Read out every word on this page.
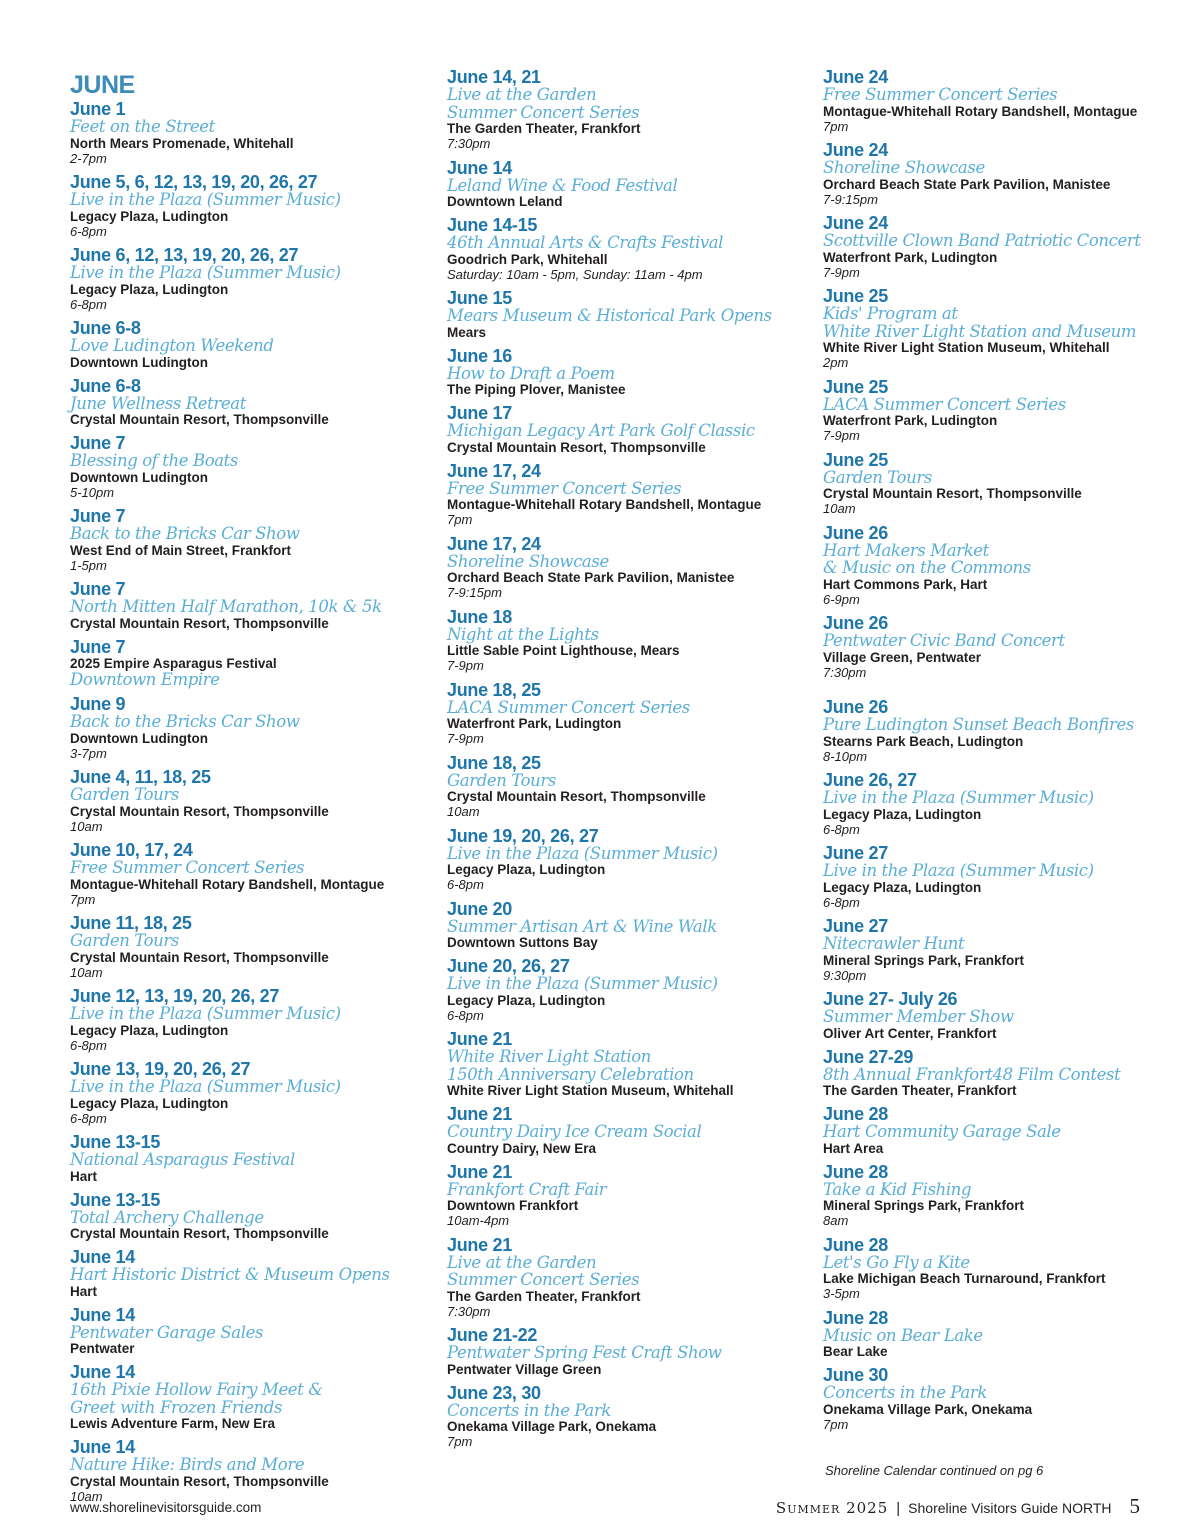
JUNE
June 1
Feet on the Street
North Mears Promenade, Whitehall
2-7pm
June 5, 6, 12, 13, 19, 20, 26, 27
Live in the Plaza (Summer Music)
Legacy Plaza, Ludington
6-8pm
June 6, 12, 13, 19, 20, 26, 27
Live in the Plaza (Summer Music)
Legacy Plaza, Ludington
6-8pm
June 6-8
Love Ludington Weekend
Downtown Ludington
June 6-8
June Wellness Retreat
Crystal Mountain Resort, Thompsonville
June 7
Blessing of the Boats
Downtown Ludington
5-10pm
June 7
Back to the Bricks Car Show
West End of Main Street, Frankfort
1-5pm
June 7
North Mitten Half Marathon, 10k & 5k
Crystal Mountain Resort, Thompsonville
June 7
2025 Empire Asparagus Festival
Downtown Empire
June 9
Back to the Bricks Car Show
Downtown Ludington
3-7pm
June 4, 11, 18, 25
Garden Tours
Crystal Mountain Resort, Thompsonville
10am
June 10, 17, 24
Free Summer Concert Series
Montague-Whitehall Rotary Bandshell, Montague
7pm
June 11, 18, 25
Garden Tours
Crystal Mountain Resort, Thompsonville
10am
June 12, 13, 19, 20, 26, 27
Live in the Plaza (Summer Music)
Legacy Plaza, Ludington
6-8pm
June 13, 19, 20, 26, 27
Live in the Plaza (Summer Music)
Legacy Plaza, Ludington
6-8pm
June 13-15
National Asparagus Festival
Hart
June 13-15
Total Archery Challenge
Crystal Mountain Resort, Thompsonville
June 14
Hart Historic District & Museum Opens
Hart
June 14
Pentwater Garage Sales
Pentwater
June 14
16th Pixie Hollow Fairy Meet &
Greet with Frozen Friends
Lewis Adventure Farm, New Era
June 14
Nature Hike: Birds and More
Crystal Mountain Resort, Thompsonville
10am
June 14, 21
Live at the Garden
Summer Concert Series
The Garden Theater, Frankfort
7:30pm
June 14
Leland Wine & Food Festival
Downtown Leland
June 14-15
46th Annual Arts & Crafts Festival
Goodrich Park, Whitehall
Saturday: 10am - 5pm, Sunday: 11am - 4pm
June 15
Mears Museum & Historical Park Opens
Mears
June 16
How to Draft a Poem
The Piping Plover, Manistee
June 17
Michigan Legacy Art Park Golf Classic
Crystal Mountain Resort, Thompsonville
June 17, 24
Free Summer Concert Series
Montague-Whitehall Rotary Bandshell, Montague
7pm
June 17, 24
Shoreline Showcase
Orchard Beach State Park Pavilion, Manistee
7-9:15pm
June 18
Night at the Lights
Little Sable Point Lighthouse, Mears
7-9pm
June 18, 25
LACA Summer Concert Series
Waterfront Park, Ludington
7-9pm
June 18, 25
Garden Tours
Crystal Mountain Resort, Thompsonville
10am
June 19, 20, 26, 27
Live in the Plaza (Summer Music)
Legacy Plaza, Ludington
6-8pm
June 20
Summer Artisan Art & Wine Walk
Downtown Suttons Bay
June 20, 26, 27
Live in the Plaza (Summer Music)
Legacy Plaza, Ludington
6-8pm
June 21
White River Light Station
150th Anniversary Celebration
White River Light Station Museum, Whitehall
June 21
Country Dairy Ice Cream Social
Country Dairy, New Era
June 21
Frankfort Craft Fair
Downtown Frankfort
10am-4pm
June 21
Live at the Garden
Summer Concert Series
The Garden Theater, Frankfort
7:30pm
June 21-22
Pentwater Spring Fest Craft Show
Pentwater Village Green
June 23, 30
Concerts in the Park
Onekama Village Park, Onekama
7pm
June 24
Free Summer Concert Series
Montague-Whitehall Rotary Bandshell, Montague
7pm
June 24
Shoreline Showcase
Orchard Beach State Park Pavilion, Manistee
7-9:15pm
June 24
Scottville Clown Band Patriotic Concert
Waterfront Park, Ludington
7-9pm
June 25
Kids' Program at
White River Light Station and Museum
White River Light Station Museum, Whitehall
2pm
June 25
LACA Summer Concert Series
Waterfront Park, Ludington
7-9pm
June 25
Garden Tours
Crystal Mountain Resort, Thompsonville
10am
June 26
Hart Makers Market
& Music on the Commons
Hart Commons Park, Hart
6-9pm
June 26
Pentwater Civic Band Concert
Village Green, Pentwater
7:30pm
June 26
Pure Ludington Sunset Beach Bonfires
Stearns Park Beach, Ludington
8-10pm
June 26, 27
Live in the Plaza (Summer Music)
Legacy Plaza, Ludington
6-8pm
June 27
Live in the Plaza (Summer Music)
Legacy Plaza, Ludington
6-8pm
June 27
Nitecrawler Hunt
Mineral Springs Park, Frankfort
9:30pm
June 27- July 26
Summer Member Show
Oliver Art Center, Frankfort
June 27-29
8th Annual Frankfort48 Film Contest
The Garden Theater, Frankfort
June 28
Hart Community Garage Sale
Hart Area
June 28
Take a Kid Fishing
Mineral Springs Park, Frankfort
8am
June 28
Let's Go Fly a Kite
Lake Michigan Beach Turnaround, Frankfort
3-5pm
June 28
Music on Bear Lake
Bear Lake
June 30
Concerts in the Park
Onekama Village Park, Onekama
7pm
Shoreline Calendar continued on pg 6
www.shorelinevisitorsguide.com	Summer 2025 | Shoreline Visitors Guide NORTH 5
